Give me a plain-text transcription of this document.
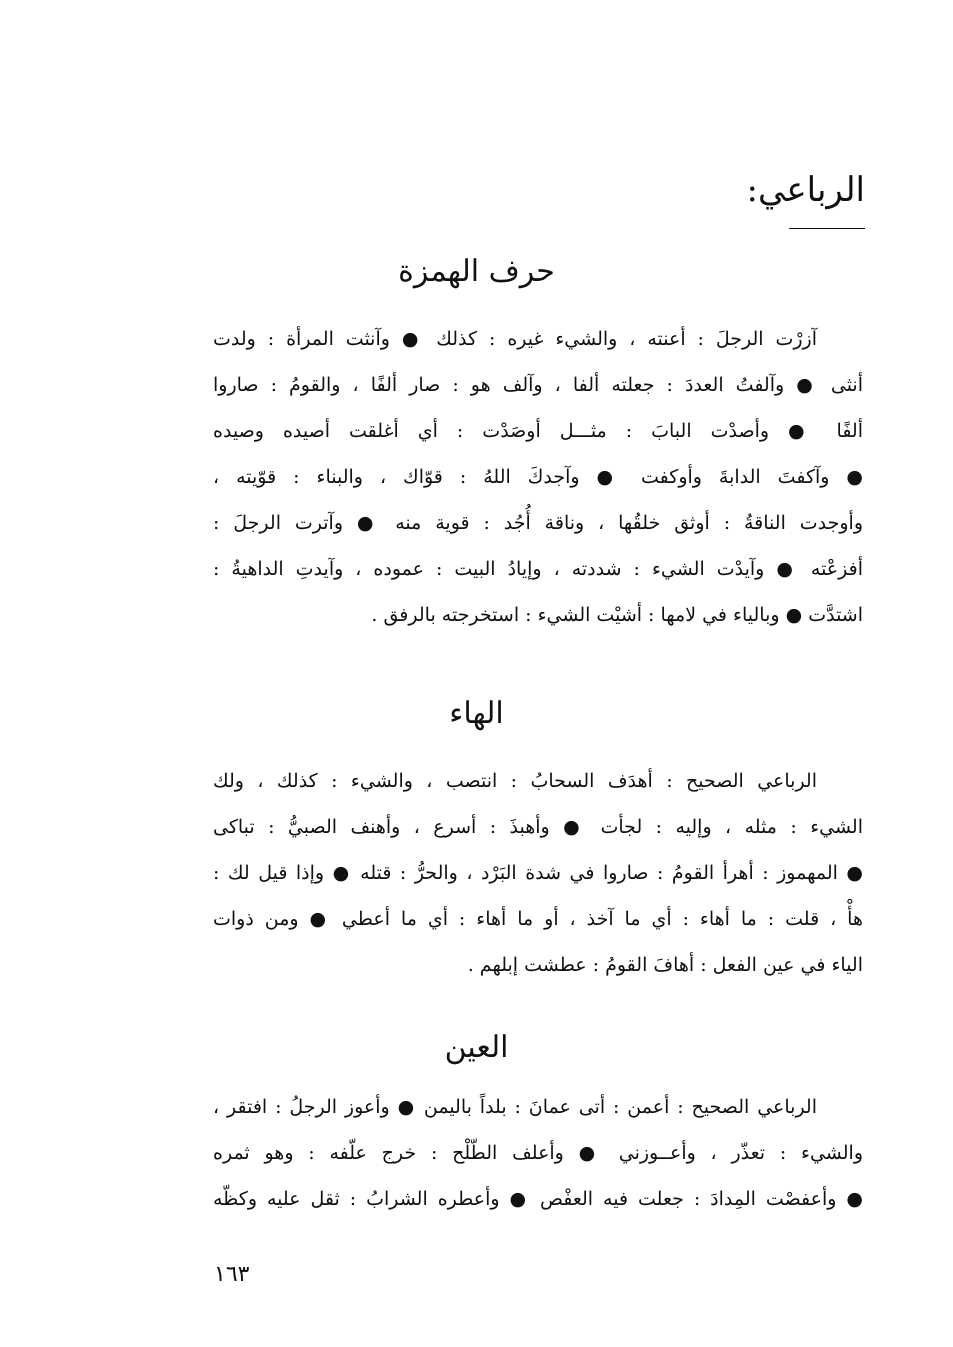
الرباعي:
حرف الهمزة
آزرْت الرجلَ : أعنته ، والشيء غيره : كذلك ● وآنثت المرأة : ولدت
أنثى ● وآلفتُ العددَ : جعلته ألفا ، وآلف هو : صار ألفًا ، والقومُ : صاروا
ألفًا ● وأصدْت البابَ : مثـــل أوصَدْت : أي أغلقت أصيده وصيده
● وآكفتَ الدابةَ وأوكفت ● وآجدكَ اللهُ : قوّاك ، والبناء : قوّيته ،
وأوجدت الناقةُ : أوثق خلقُها ، وناقة أُجُد : قوية منه ● وآترت الرجلَ :
أفزعْته ● وآيدْت الشيء : شددته ، وإيادُ البيت : عموده ، وآيدتِ الداهيةُ :
اشتدَّت ● وبالياء في لامها : أشيْت الشيء : استخرجته بالرفق .
الهاء
الرباعي الصحيح : أهدَف السحابُ : انتصب ، والشيء : كذلك ، ولك
الشيء : مثله ، وإليه : لجأت ● وأهبذَ : أسرع ، وأهنف الصبيُّ : تباكى
● المهموز : أهرأ القومُ : صاروا في شدة البَرْد ، والحرُّ : قتله ● وإذا قيل لك :
هأْ ، قلت : ما أهاء : أي ما آخذ ، أو ما أهاء : أي ما أعطي ● ومن ذوات
الياء في عين الفعل : أهافَ القومُ : عطشت إبلهم .
العين
الرباعي الصحيح : أعمن : أتى عمانَ : بلداً باليمن ● وأعوز الرجلُ : افتقر ،
والشيء : تعذّر ، وأعــوزني ● وأعلف الطّلْح : خرج علّفه : وهو ثمره
● وأعفصْت المِدادَ : جعلت فيه العفْص ● وأعطره الشرابُ : ثقل عليه وكظّه

١٦٣
